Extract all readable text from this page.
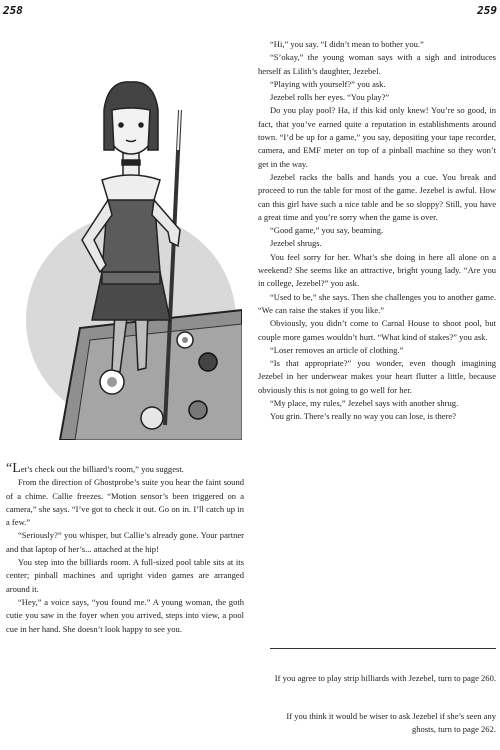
258	259

“Let’s check out the billiard’s room,” you suggest.

From the direction of Ghostprobe’s suite you hear the faint sound of a chime. Callie freezes. “Motion sensor’s been triggered on a camera,” she says. “I’ve got to check it out. Go on in. I’ll catch up in a few.”

“Seriously?” you whisper, but Callie’s already gone. Your partner and that laptop of her’s... attached at the hip!

You step into the billiards room. A full-sized pool table sits at its center; pinball machines and upright video games are arranged around it.

“Hey,” a voice says, “you found me.” A young woman, the goth cutie you saw in the foyer when you arrived, steps into view, a pool cue in her hand. She doesn’t look happy to see you.

“Hi,” you say. “I didn’t mean to bother you.”

“S’okay,” the young woman says with a sigh and introduces herself as Lilith’s daughter, Jezebel.

“Playing with yourself?” you ask.

Jezebel rolls her eyes. “You play?”

Do you play pool? Ha, if this kid only knew! You’re so good, in fact, that you’ve earned quite a reputation in establishments around town. “I’d be up for a game,” you say, depositing your tape recorder, camera, and EMF meter on top of a pinball machine so they won’t get in the way.

Jezebel racks the balls and hands you a cue. You break and proceed to run the table for most of the game. Jezebel is awful. How can this girl have such a nice table and be so sloppy? Still, you have a great time and you’re sorry when the game is over.

“Good game,” you say, beaming.

Jezebel shrugs.

You feel sorry for her. What’s she doing in here all alone on a weekend? She seems like an attractive, bright young lady. “Are you in college, Jezebel?” you ask.

“Used to be,” she says. Then she challenges you to another game. “We can raise the stakes if you like.”

Obviously, you didn’t come to Carnal House to shoot pool, but couple more games wouldn’t hurt. “What kind of stakes?” you ask.

“Loser removes an article of clothing.”

“Is that appropriate?” you wonder, even though imagining Jezebel in her underwear makes your heart flutter a little, because obviously this is not going to go well for her.

“My place, my rules,” Jezebel says with another shrug.

You grin. There’s really no way you can lose, is there?

If you agree to play strip billiards with Jezebel, turn to page 260.
If you think it would be wiser to ask Jezebel if she’s seen any ghosts, turn to page 262.
